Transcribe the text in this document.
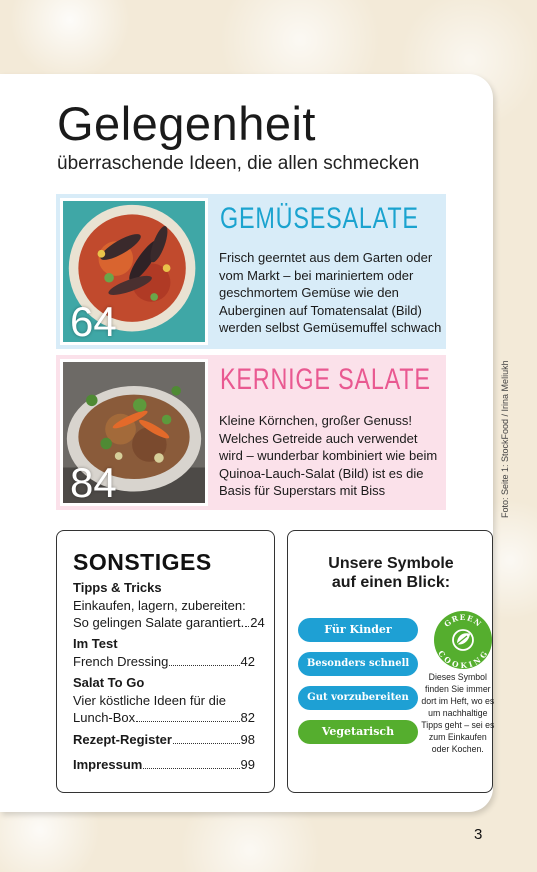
Gelegenheit
überraschende Ideen, die allen schmecken
64
GEMÜSESALATE
Frisch geerntet aus dem Garten oder vom Markt – bei mariniertem oder geschmortem Gemüse wie den Auberginen auf Tomatensalat (Bild) werden selbst Gemüsemuffel schwach
84
KERNIGE SALATE
Kleine Körnchen, großer Genuss! Welches Getreide auch verwendet wird – wunderbar kombiniert wie beim Quinoa-Lauch-Salat (Bild) ist es die Basis für Superstars mit Biss	Foto: Seite 1: StockFood / Irina Meliukh
SONSTIGES
Tipps & Tricks
Einkaufen, lagern, zubereiten:
So gelingen Salate garantiert. 24
Im Test
French Dressing	42
Salat To Go
Vier köstliche Ideen für die
Lunch-Box	82
Rezept-Register	98
Impressum	99
Unsere Symbole auf einen Blick:
Für Kinder
Besonders schnell
Gut vorzubereiten
Vegetarisch
GREEN
COOKING
Dieses Symbol finden Sie immer dort im Heft, wo es um nachhaltige Tipps geht – sei es zum Einkaufen oder Kochen.
3
